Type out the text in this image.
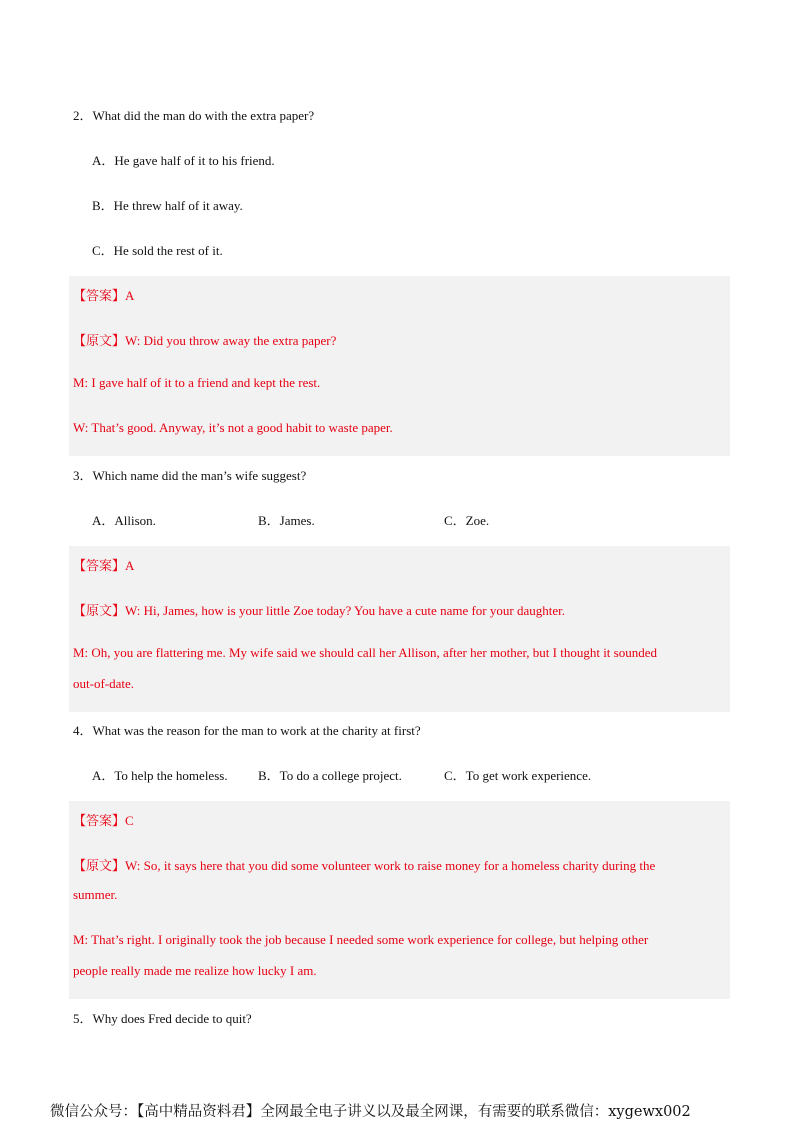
2．What did the man do with the extra paper?
A．He gave half of it to his friend.
B．He threw half of it away.
C．He sold the rest of it.
【答案】A
【原文】W: Did you throw away the extra paper?
M: I gave half of it to a friend and kept the rest.
W: That’s good. Anyway, it’s not a good habit to waste paper.
3．Which name did the man’s wife suggest?
A．Allison.	B．James.	C．Zoe.
【答案】A
【原文】W: Hi, James, how is your little Zoe today? You have a cute name for your daughter.
M: Oh, you are flattering me. My wife said we should call her Allison, after her mother, but I thought it sounded
out-of-date.
4．What was the reason for the man to work at the charity at first?
A．To help the homeless. B．To do a college project.	C．To get work experience.
【答案】C
【原文】W: So, it says here that you did some volunteer work to raise money for a homeless charity during the
summer.
M: That’s right. I originally took the job because I needed some work experience for college, but helping other
people really made me realize how lucky I am.
5．Why does Fred decide to quit?
微信公众号：【高中精品资料君】全网最全电子讲义以及最全网课，有需要的联系微信：xygewx002
